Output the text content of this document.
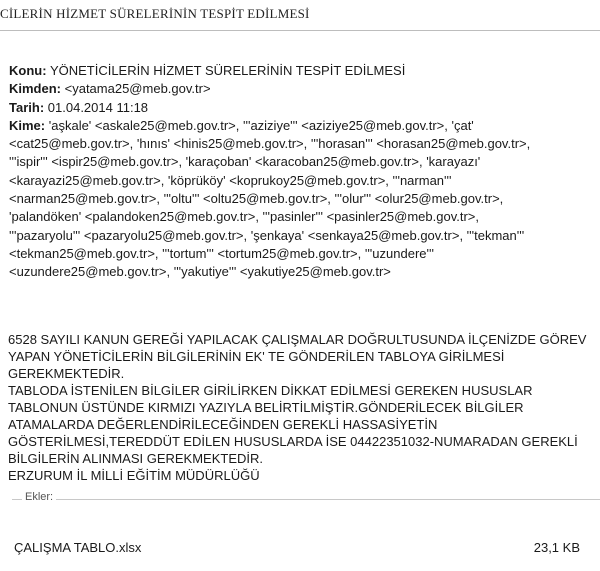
CİLERİN HİZMET SÜRELERİNİN TESPİT EDİLMESİ
Konu: YÖNETİCİLERİN HİZMET SÜRELERİNİN TESPİT EDİLMESİ
Kimden: <yatama25@meb.gov.tr>
Tarih: 01.04.2014 11:18
Kime: 'aşkale' <askale25@meb.gov.tr>, '''aziziye''' <aziziye25@meb.gov.tr>, 'çat'
<cat25@meb.gov.tr>, 'hınıs' <hinis25@meb.gov.tr>, '''horasan''' <horasan25@meb.gov.tr>,
'''ispir''' <ispir25@meb.gov.tr>, 'karaçoban' <karacoban25@meb.gov.tr>, 'karayazı'
<karayazi25@meb.gov.tr>, 'köprüköy' <koprukoy25@meb.gov.tr>, '''narman'''
<narman25@meb.gov.tr>, '''oltu''' <oltu25@meb.gov.tr>, '''olur''' <olur25@meb.gov.tr>,
'palandöken' <palandoken25@meb.gov.tr>, '''pasinler''' <pasinler25@meb.gov.tr>,
'''pazaryolu''' <pazaryolu25@meb.gov.tr>, 'şenkaya' <senkaya25@meb.gov.tr>, '''tekman'''
<tekman25@meb.gov.tr>, '''tortum''' <tortum25@meb.gov.tr>, '''uzundere'''
<uzundere25@meb.gov.tr>, '''yakutiye''' <yakutiye25@meb.gov.tr>
6528 SAYILI KANUN GEREĞİ YAPILACAK ÇALIŞMALAR DOĞRULTUSUNDA İLÇENİZDE GÖREV
YAPAN YÖNETİCİLERİN BİLGİLERİNİN EK' TE GÖNDERİLEN TABLOYA GİRİLMESİ
GEREKMEKTEDİR.
TABLODA İSTENİLEN BİLGİLER GİRİLİRKEN DİKKAT EDİLMESİ GEREKEN HUSUSLAR
TABLONUN ÜSTÜNDE KIRMIZI YAZIYLA BELİRTİLMİŞTİR.GÖNDERİLECEK BİLGİLER
ATAMALARDA DEĞERLENDİRİLECEĞİNDEN GEREKLİ HASSASİYETİN
GÖSTERİLMESİ,TEREDDÜT EDİLEN HUSUSLARDA İSE 04422351032-NUMARADAN GEREKLİ
BİLGİLERİN ALINMASI GEREKMEKTEDİR.
ERZURUM İL MİLLİ EĞİTİM MÜDÜRLÜĞÜ
Ekler:
ÇALIŞMA TABLO.xlsx	23,1 KB
